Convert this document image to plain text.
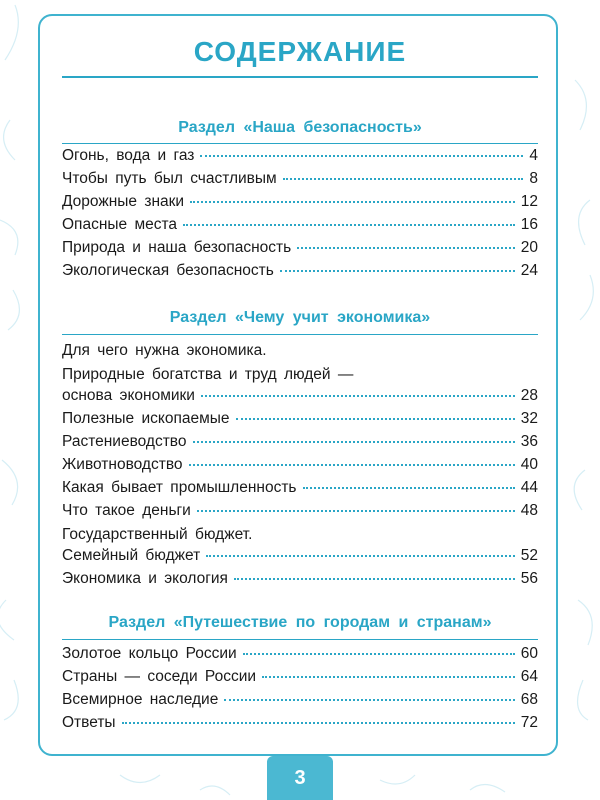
СОДЕРЖАНИЕ
Раздел «Наша безопасность»
Огонь, вода и газ	4
Чтобы путь был счастливым	8
Дорожные знаки	12
Опасные места	16
Природа и наша безопасность	20
Экологическая безопасность	24
Раздел «Чему учит экономика»
Для чего нужна экономика.
Природные богатства и труд людей —
основа экономики	28
Полезные ископаемые	32
Растениеводство	36
Животноводство	40
Какая бывает промышленность	44
Что такое деньги	48
Государственный бюджет.
Семейный бюджет	52
Экономика и экология	56
Раздел «Путешествие по городам и странам»
Золотое кольцо России	60
Страны — соседи России	64
Всемирное наследие	68
Ответы	72
3
